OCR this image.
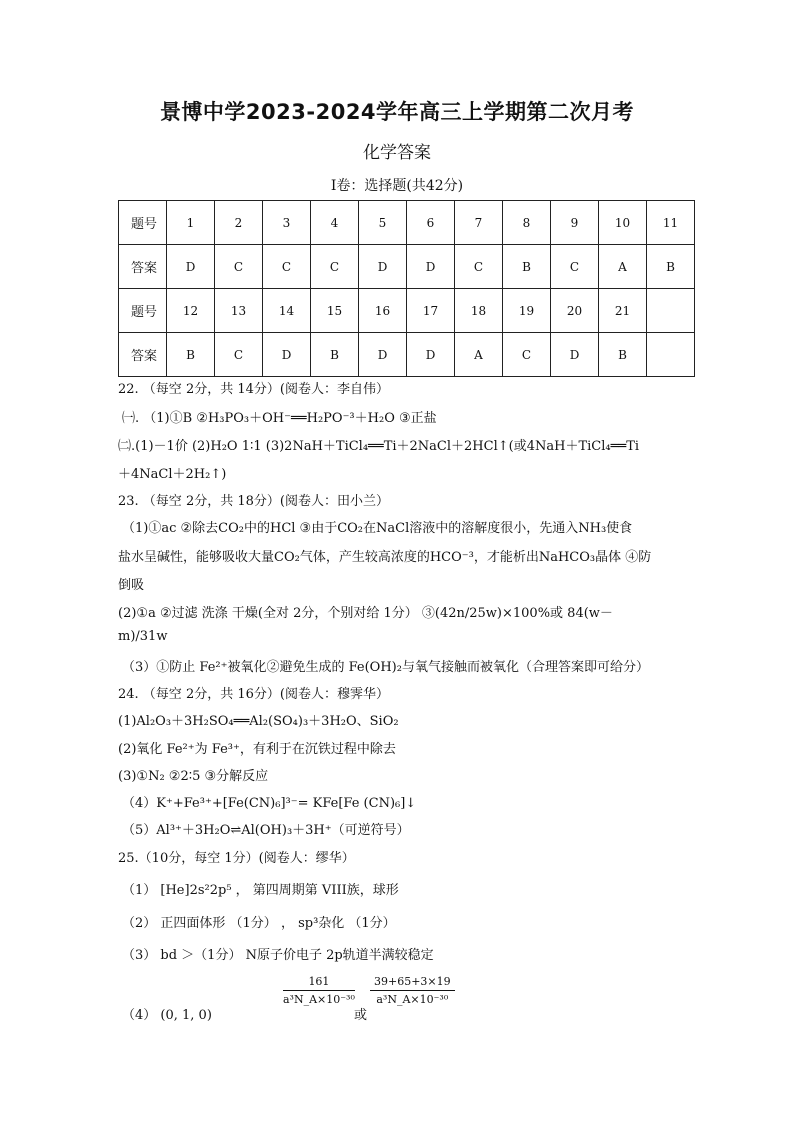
景博中学2023-2024学年高三上学期第二次月考
化学答案
Ⅰ卷：选择题(共42分)
题号	1	2	3	4	5	6	7	8	9	10	11
答案	D	C	C	C	D	D	C	B	C	A	B
题号	12	13	14	15	16	17	18	19	20	21	
答案	B	C	D	B	D	D	A	C	D	B	
22. （每空 2分，共 14分）(阅卷人：李自伟）
㈠. （1)①B ②H₃PO₃＋OH⁻══H₂PO⁻³＋H₂O ③正盐
㈡.(1)－1价 (2)H₂O 1∶1 (3)2NaH＋TiCl₄══Ti＋2NaCl＋2HCl↑(或4NaH＋TiCl₄══Ti
＋4NaCl＋2H₂↑)
23. （每空 2分，共 18分）(阅卷人：田小兰）
（1)①ac ②除去CO₂中的HCl ③由于CO₂在NaCl溶液中的溶解度很小，先通入NH₃使食
盐水呈碱性，能够吸收大量CO₂气体，产生较高浓度的HCO⁻³，才能析出NaHCO₃晶体 ④防
倒吸
(2)①a ②过滤 洗涤 干燥(全对 2分，个别对给 1分） ③(42n/25w)×100%或 84(w－
m)/31w
（3）①防止 Fe²⁺被氧化②避免生成的 Fe(OH)₂与氧气接触而被氧化（合理答案即可给分）
24. （每空 2分，共 16分）(阅卷人：穆霁华）
(1)Al₂O₃＋3H₂SO₄══Al₂(SO₄)₃＋3H₂O、SiO₂
(2)氧化 Fe²⁺为 Fe³⁺，有利于在沉铁过程中除去
(3)①N₂ ②2∶5 ③分解反应
（4）K⁺+Fe³⁺+[Fe(CN)₆]³⁻= KFe[Fe (CN)₆]↓
（5）Al³⁺＋3H₂O⇌Al(OH)₃＋3H⁺（可逆符号）
25.（10分，每空 1分）(阅卷人：缪华）
（1） [He]2s²2p⁵ ， 第四周期第 VIII族，球形
（2） 正四面体形 （1分） ， sp³杂化 （1分）
（3） bd ＞（1分） N原子价电子 2p轨道半满较稳定
（4） (0, 1, 0)
$\frac{161}{\text{a³N\_A×10⁻³⁰}}$
或
$\frac{39+65+3\times 19}{\text{a³N\_A×10⁻³⁰}}$
